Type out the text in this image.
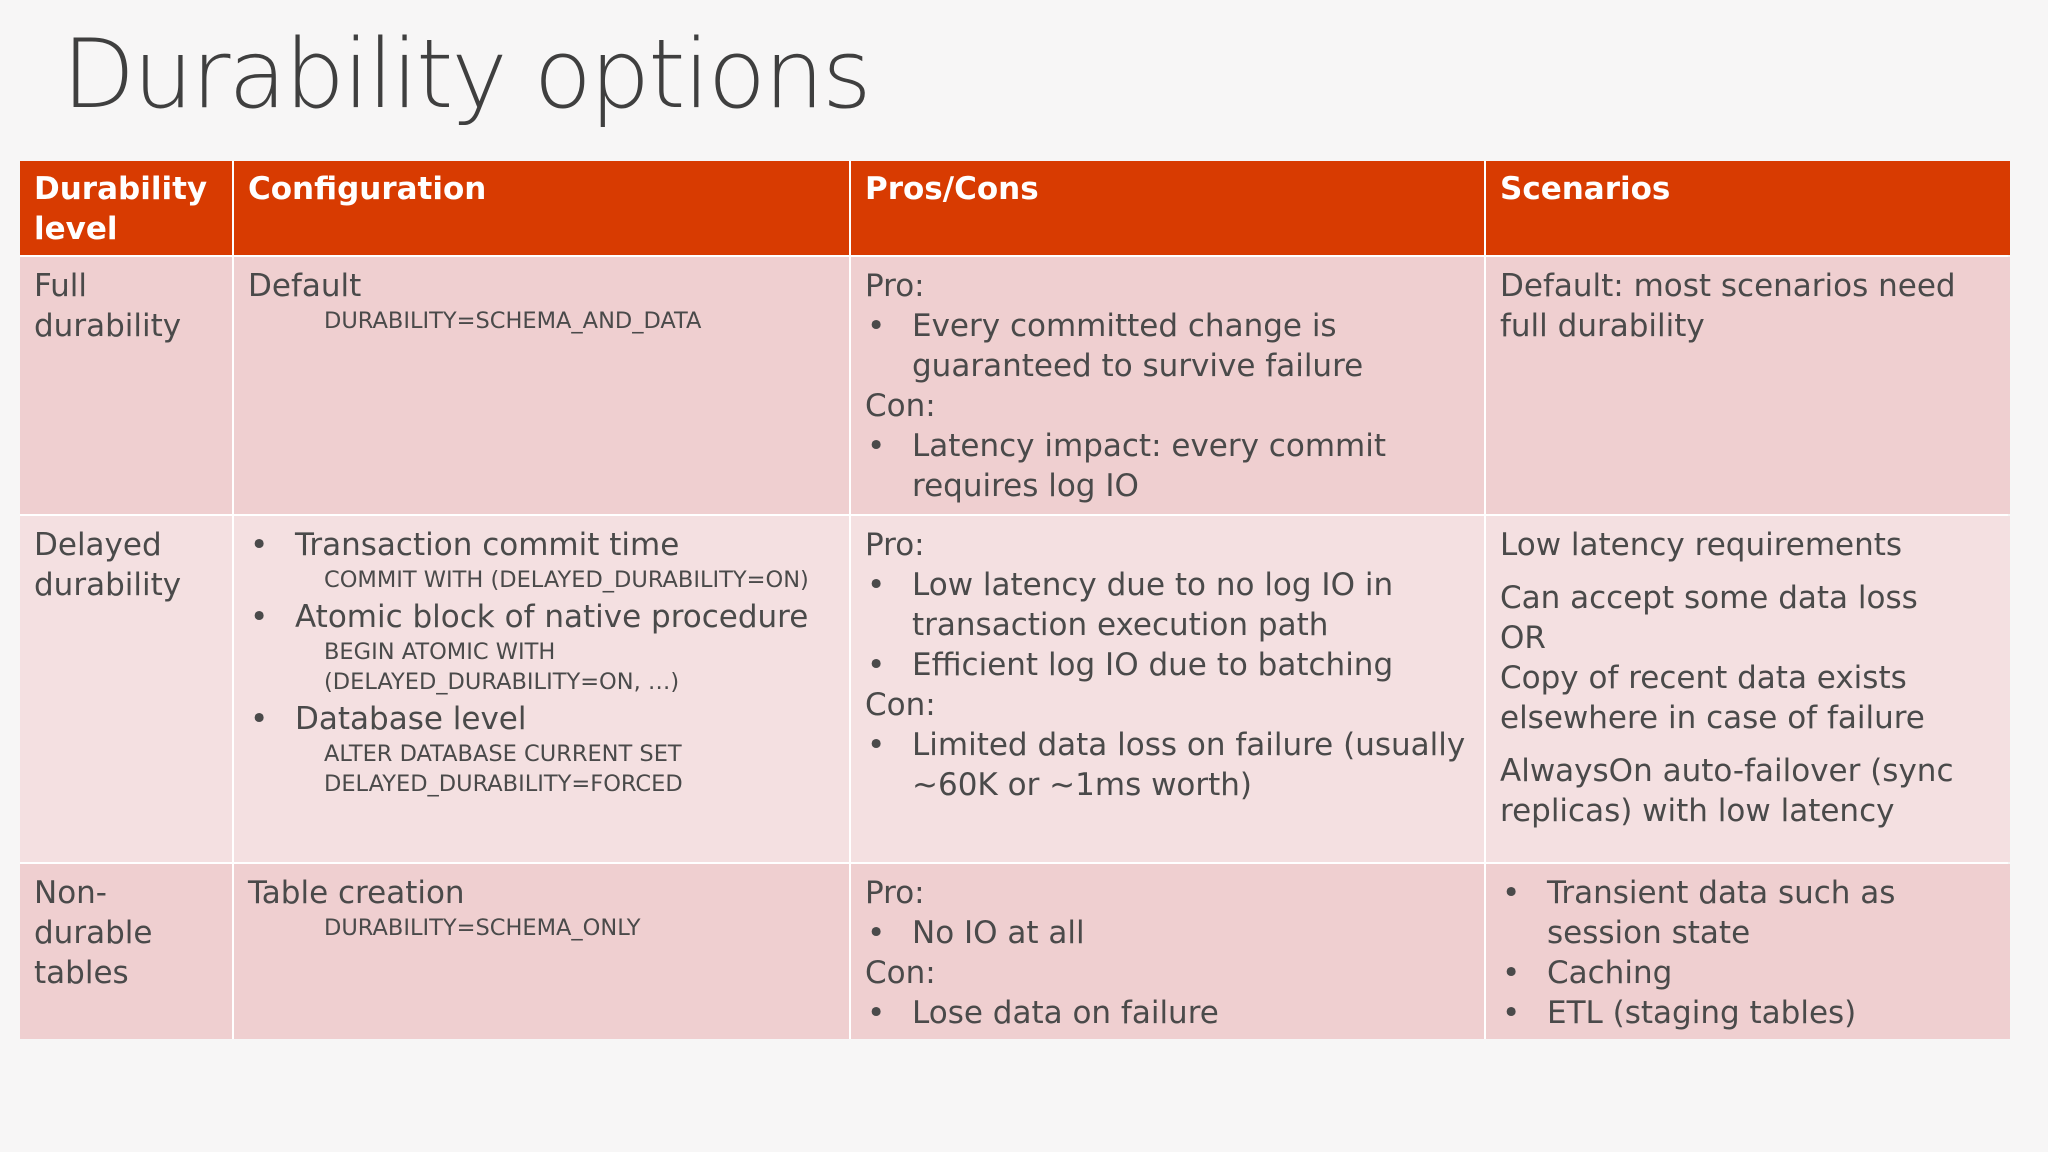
Durability options
Durability level
Configuration	Pros/Cons	Scenarios
Full
durability
Default
DURABILITY=SCHEMA_AND_DATA
Pro:
• Every committed change is guaranteed to survive failure
Con:
• Latency impact: every commit requires log IO
Default: most scenarios need full durability
Delayed
durability
• Transaction commit time
COMMIT WITH (DELAYED_DURABILITY=ON)
• Atomic block of native procedure
BEGIN ATOMIC WITH
(DELAYED_DURABILITY=ON, …)
• Database level
ALTER DATABASE CURRENT SET
DELAYED_DURABILITY=FORCED
Pro:
• Low latency due to no log IO in transaction execution path
• Efficient log IO due to batching
Con:
• Limited data loss on failure (usually ~60K or ~1ms worth)
Low latency requirements
Can accept some data loss
OR
Copy of recent data exists elsewhere in case of failure
AlwaysOn auto-failover (sync replicas) with low latency
Non-
durable
tables
Table creation
DURABILITY=SCHEMA_ONLY
Pro:
• No IO at all
Con:
• Lose data on failure
• Transient data such as session state
• Caching
• ETL (staging tables)
